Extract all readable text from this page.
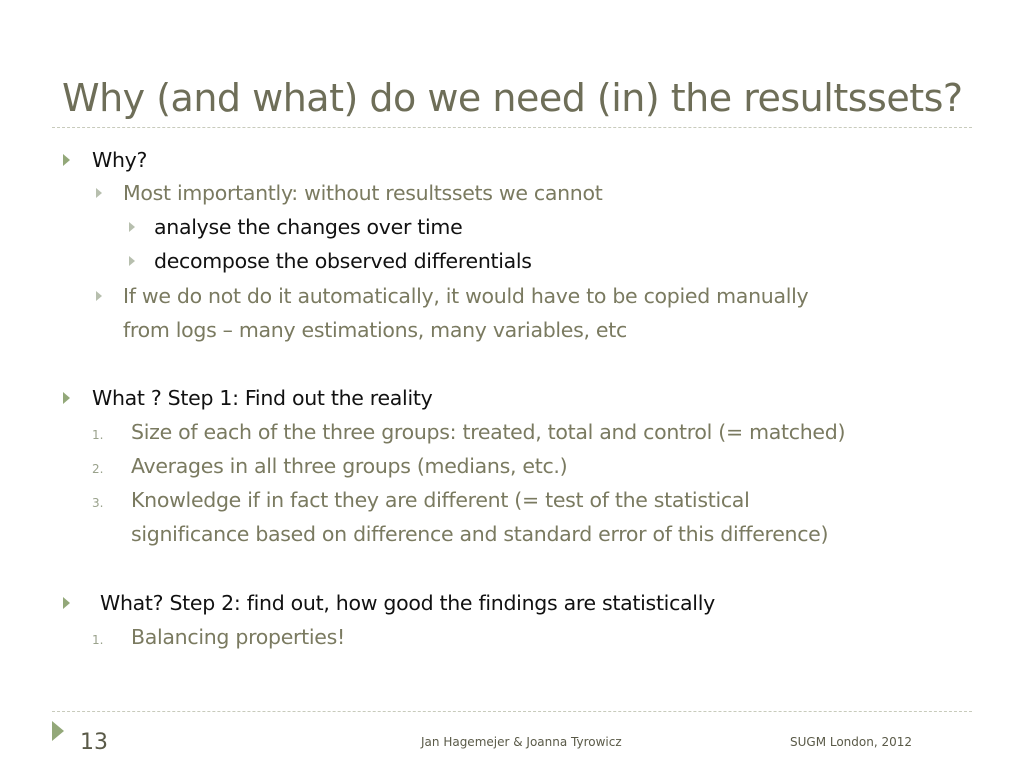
Why (and what) do we need (in) the resultssets?
Why?
Most importantly: without resultssets we cannot
analyse the changes over time
decompose the observed differentials
If we do not do it automatically, it would have to be copied manually
from logs – many estimations, many variables, etc
What ? Step 1: Find out the reality
1. Size of each of the three groups: treated, total and control (= matched)
2. Averages in all three groups (medians, etc.)
3. Knowledge if in fact they are different (= test of the statistical
significance based on difference and standard error of this difference)
What? Step 2: find out, how good the findings are statistically
1. Balancing properties!
13	Jan Hagemejer & Joanna Tyrowicz	SUGM London, 2012
